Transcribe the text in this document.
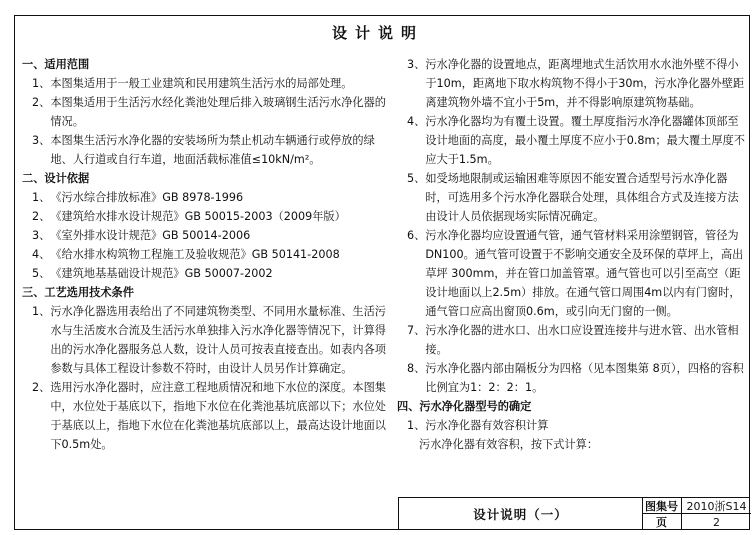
设计说明
一、适用范围
1、 本图集适用于一般工业建筑和民用建筑生活污水的局部处理。
2、 本图集适用于生活污水经化粪池处理后排入玻璃钢生活污水净化器的情况。
3、 本图集生活污水净化器的安装场所为禁止机动车辆通行或停放的绿地、人行道或自行车道，地面活载标准值≤10kN/m²。
二、设计依据
1、 《污水综合排放标准》GB 8978-1996
2、 《建筑给水排水设计规范》GB 50015-2003（2009年版）
3、 《室外排水设计规范》GB 50014-2006
4、 《给水排水构筑物工程施工及验收规范》GB 50141-2008
5、 《建筑地基基础设计规范》GB 50007-2002
三、工艺选用技术条件
1、 污水净化器选用表给出了不同建筑物类型、不同用水量标准、生活污水与生活废水合流及生活污水单独排入污水净化器等情况下，计算得出的污水净化器服务总人数，设计人员可按表直接查出。如表内各项参数与具体工程设计参数不符时，由设计人员另作计算确定。
2、 选用污水净化器时，应注意工程地质情况和地下水位的深度。本图集中，水位处于基底以下，指地下水位在化粪池基坑底部以下；水位处于基底以上，指地下水位在化粪池基坑底部以上，最高达设计地面以下0.5m处。
3、 污水净化器的设置地点，距离埋地式生活饮用水水池外壁不得小于10m，距离地下取水构筑物不得小于30m，污水净化器外壁距离建筑物外墙不宜小于5m，并不得影响原建筑物基础。
4、 污水净化器均为有覆土设置。覆土厚度指污水净化器罐体顶部至设计地面的高度，最小覆土厚度不应小于0.8m；最大覆土厚度不应大于1.5m。
5、 如受场地限制或运输困难等原因不能安置合适型号污水净化器时，可选用多个污水净化器联合处理，具体组合方式及连接方法由设计人员依据现场实际情况确定。
6、 污水净化器均应设置通气管，通气管材料采用涂塑钢管，管径为DN100。通气管可设置于不影响交通安全及环保的草坪上，高出草坪 300mm，并在管口加盖管罩。通气管也可以引至高空（距设计地面以上2.5m）排放。在通气管口周围4m以内有门窗时，通气管口应高出窗顶0.6m，或引向无门窗的一侧。
7、 污水净化器的进水口、出水口应设置连接井与进水管、出水管相接。
8、 污水净化器内部由隔板分为四格（见本图集第 8页），四格的容积比例宜为1：2：2：1。
四、污水净化器型号的确定
1、 污水净化器有效容积计算
污水净化器有效容积，按下式计算：
设计说明（一）
图集号 2010浙S14
页	2
